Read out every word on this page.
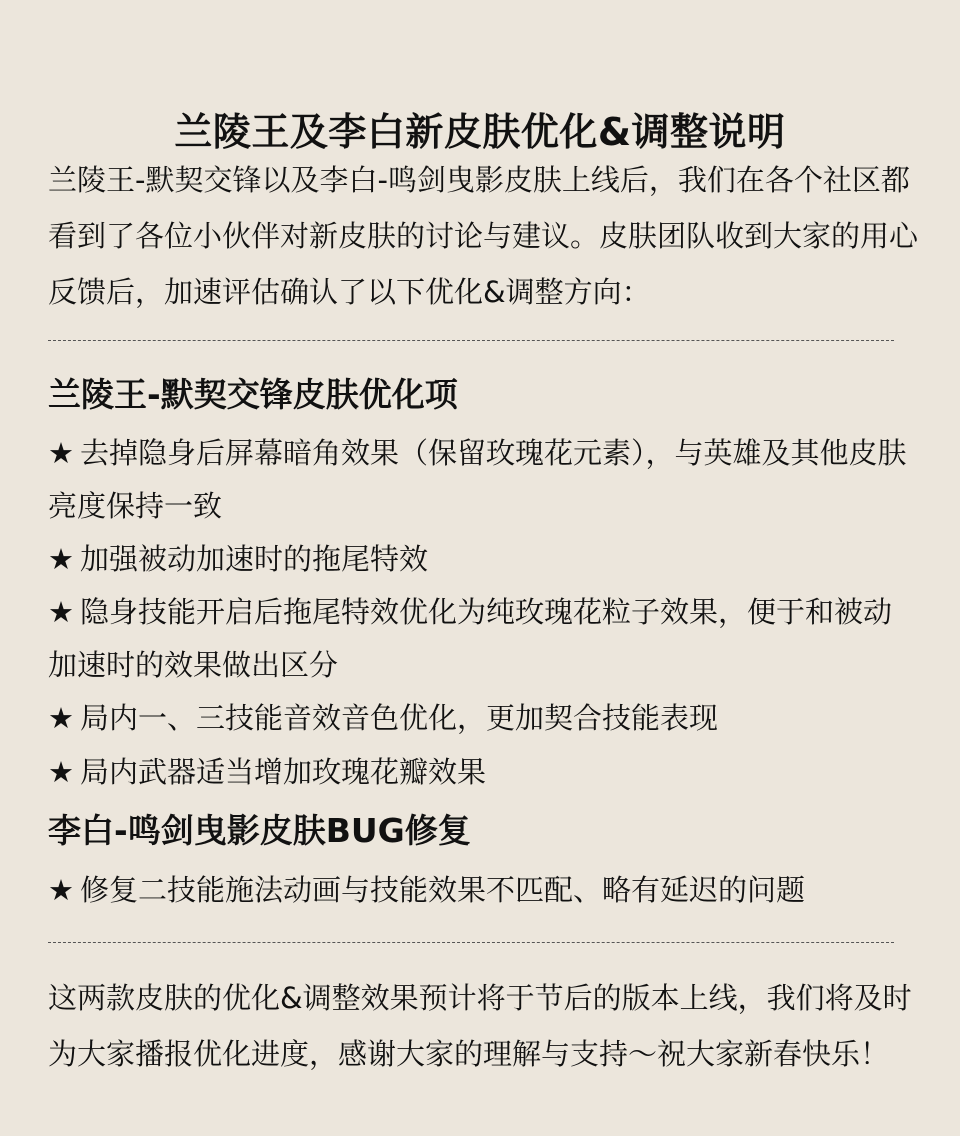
兰陵王及李白新皮肤优化&调整说明

兰陵王-默契交锋以及李白-鸣剑曳影皮肤上线后，我们在各个社区都看到了各位小伙伴对新皮肤的讨论与建议。皮肤团队收到大家的用心反馈后，加速评估确认了以下优化&调整方向：

兰陵王-默契交锋皮肤优化项

★ 去掉隐身后屏幕暗角效果（保留玫瑰花元素），与英雄及其他皮肤亮度保持一致

★ 加强被动加速时的拖尾特效

★ 隐身技能开启后拖尾特效优化为纯玫瑰花粒子效果，便于和被动加速时的效果做出区分

★ 局内一、三技能音效音色优化，更加契合技能表现

★ 局内武器适当增加玫瑰花瓣效果

李白-鸣剑曳影皮肤BUG修复

★ 修复二技能施法动画与技能效果不匹配、略有延迟的问题

这两款皮肤的优化&调整效果预计将于节后的版本上线，我们将及时为大家播报优化进度，感谢大家的理解与支持～祝大家新春快乐！
